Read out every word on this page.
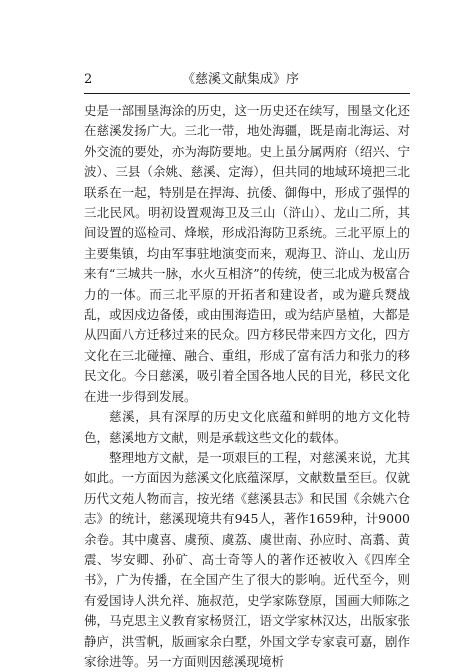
2	《慈溪文献集成》序

史是一部围垦海涂的历史，这一历史还在续写，围垦文化还在慈溪发扬广大。三北一带，地处海疆，既是南北海运、对外交流的要处，亦为海防要地。史上虽分属两府（绍兴、宁波）、三县（余姚、慈溪、定海），但共同的地域环境把三北联系在一起，特别是在捍海、抗倭、御侮中，形成了强悍的三北民风。明初设置观海卫及三山（浒山）、龙山二所，其间设置的巡检司、烽堠，形成沿海防卫系统。三北平原上的主要集镇，均由军事驻地演变而来，观海卫、浒山、龙山历来有“三城共一脉，水火互相济”的传统，使三北成为极富合力的一体。而三北平原的开拓者和建设者，或为避兵燹战乱，或因戍边备倭，或由围海造田，或为结庐垦植，大都是从四面八方迁移过来的民众。四方移民带来四方文化，四方文化在三北碰撞、融合、重组，形成了富有活力和张力的移民文化。今日慈溪，吸引着全国各地人民的目光，移民文化在进一步得到发展。

慈溪，具有深厚的历史文化底蕴和鲜明的地方文化特色，慈溪地方文献，则是承载这些文化的载体。

整理地方文献，是一项艰巨的工程，对慈溪来说，尤其如此。一方面因为慈溪文化底蕴深厚，文献数量至巨。仅就历代文苑人物而言，按光绪《慈溪县志》和民国《余姚六仓志》的统计，慈溪现境共有945人，著作1659种，计9000余卷。其中虞喜、虞预、虞荔、虞世南、孙应时、高翥、黄震、岑安卿、孙矿、高士奇等人的著作还被收入《四库全书》，广为传播，在全国产生了很大的影响。近代至今，则有爱国诗人洪允祥、施叔范，史学家陈登原，国画大师陈之佛，马克思主义教育家杨贤江，语文学家林汉达，出版家张静庐，洪雪帆，版画家余白墅，外国文学专家袁可嘉，剧作家徐进等。另一方面则因慈溪现境析
